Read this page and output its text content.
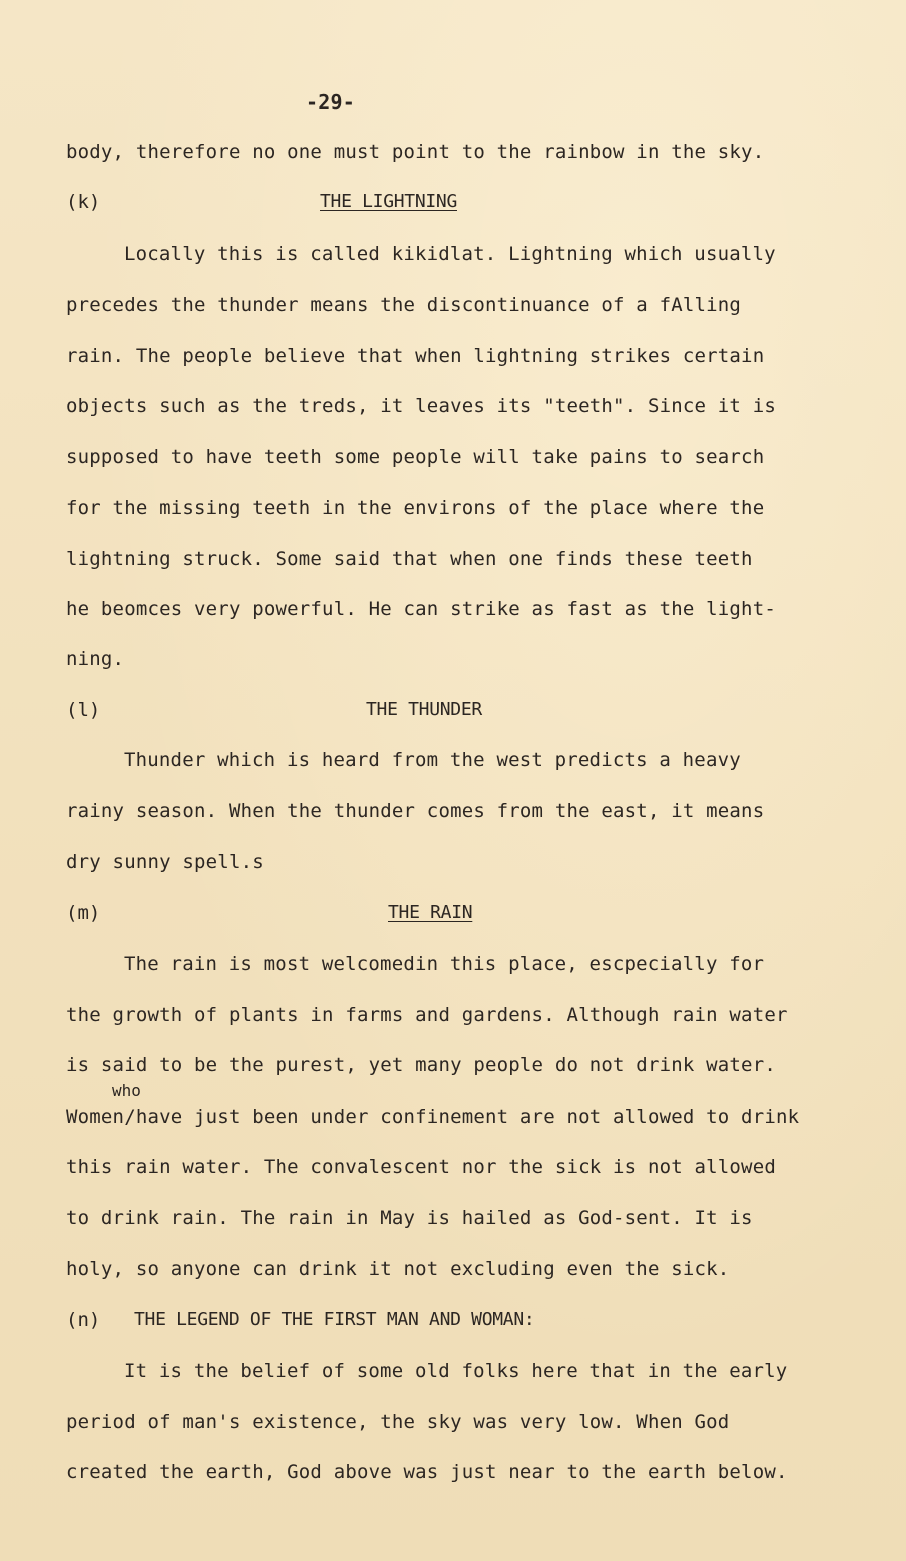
-29-
body, therefore no one must point to the rainbow in the sky.
(k)	THE LIGHTNING
Locally this is called kikidlat. Lightning which usually
precedes the thunder means the discontinuance of a fAlling
rain. The people believe that when lightning strikes certain
objects such as the treds, it leaves its "teeth". Since it is
supposed to have teeth some people will take pains to search
for the missing teeth in the environs of the place where the
lightning struck. Some said that when one finds these teeth
he beomces very powerful. He can strike as fast as the light-
ning.
(l)	THE THUNDER
Thunder which is heard from the west predicts a heavy
rainy season. When the thunder comes from the east, it means
dry sunny spell.s
(m)	THE RAIN
The rain is most welcomedin this place, escpecially for
the growth of plants in farms and gardens. Although rain water
is said to be the purest, yet many people do not drink water.
who
Women/have just been under confinement are not allowed to drink
this rain water. The convalescent nor the sick is not allowed
to drink rain. The rain in May is hailed as God-sent. It is
holy, so anyone can drink it not excluding even the sick.
(n) THE LEGEND OF THE FIRST MAN AND WOMAN:
It is the belief of some old folks here that in the early
period of man's existence, the sky was very low. When God
created the earth, God above was just near to the earth below.
